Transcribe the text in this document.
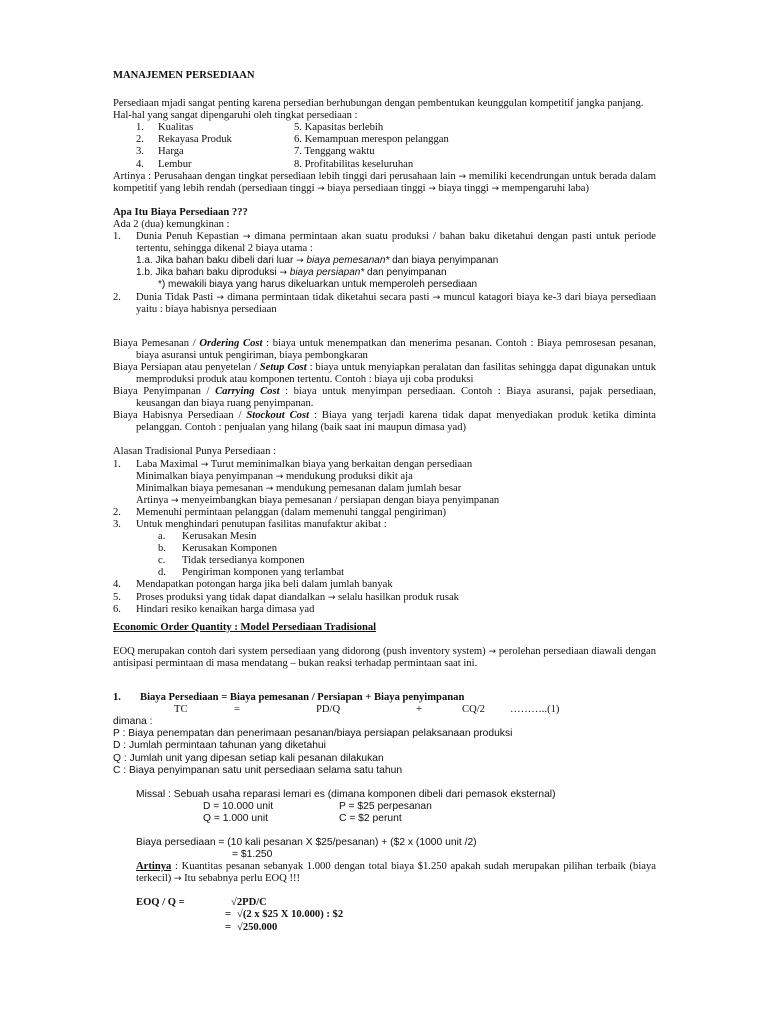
MANAJEMEN PERSEDIAAN

Persediaan mjadi sangat penting karena persedian berhubungan dengan pembentukan keunggulan kompetitif jangka panjang.

Hal-hal yang sangat dipengaruhi oleh tingkat persediaan :

1.	Kualitas	5. Kapasitas berlebih
2.	Rekayasa Produk	6. Kemampuan merespon pelanggan
3.	Harga	7. Tenggang waktu
4.	Lembur	8. Profitabilitas keseluruhan

Artinya : Perusahaan dengan tingkat persediaan lebih tinggi dari perusahaan lain → memiliki kecendrungan untuk berada dalam kompetitif yang lebih rendah (persediaan tinggi → biaya persediaan tinggi → biaya tinggi → mempengaruhi laba)

Apa Itu Biaya Persediaan ???

Ada 2 (dua) kemungkinan :

1.	Dunia Penuh Kepastian → dimana permintaan akan suatu produksi / bahan baku diketahui dengan pasti untuk periode tertentu, sehingga dikenal 2 biaya utama :

1.a. Jika bahan baku dibeli dari luar → biaya pemesanan* dan biaya penyimpanan

1.b. Jika bahan baku diproduksi → biaya persiapan* dan penyimpanan

*) mewakili biaya yang harus dikeluarkan untuk memperoleh persediaan

2.	Dunia Tidak Pasti → dimana permintaan tidak diketahui secara pasti → muncul katagori biaya ke-3 dari biaya persediaan yaitu : biaya habisnya persediaan

Biaya Pemesanan / Ordering Cost : biaya untuk menempatkan dan menerima pesanan. Contoh : Biaya pemrosesan pesanan, biaya asuransi untuk pengiriman, biaya pembongkaran

Biaya Persiapan atau penyetelan / Setup Cost : biaya untuk menyiapkan peralatan dan fasilitas sehingga dapat digunakan untuk memproduksi produk atau komponen tertentu. Contoh : biaya uji coba produksi

Biaya Penyimpanan / Carrying Cost : biaya untuk menyimpan persediaan. Contoh : Biaya asuransi, pajak persediaan, keusangan dan biaya ruang penyimpanan.

Biaya Habisnya Persediaan / Stockout Cost : Biaya yang terjadi karena tidak dapat menyediakan produk ketika diminta pelanggan. Contoh : penjualan yang hilang (baik saat ini maupun dimasa yad)

Alasan Tradisional Punya Persediaan :

1.	Laba Maximal → Turut meminimalkan biaya yang berkaitan dengan persediaan

Minimalkan biaya penyimpanan → mendukung produksi dikit aja

Minimalkan biaya pemesanan → mendukung pemesanan dalam jumlah besar

Artinya → menyeimbangkan biaya pemesanan / persiapan dengan biaya penyimpanan

2.	Memenuhi permintaan pelanggan (dalam memenuhi tanggal pengiriman)
3.	Untuk menghindari penutupan fasilitas manufaktur akibat :
a.	Kerusakan Mesin
b.	Kerusakan Komponen
c.	Tidak tersedianya komponen
d.	Pengiriman komponen yang terlambat
4.	Mendapatkan potongan harga jika beli dalam jumlah banyak
5.	Proses produksi yang tidak dapat diandalkan → selalu hasilkan produk rusak
6.	Hindari resiko kenaikan harga dimasa yad

Economic Order Quantity : Model Persediaan Tradisional

EOQ merupakan contoh dari system persediaan yang didorong (push inventory system) → perolehan persediaan diawali dengan antisipasi permintaan di masa mendatang – bukan reaksi terhadap permintaan saat ini.

1.	Biaya Persediaan = Biaya pemesanan / Persiapan + Biaya penyimpanan
TC	=	PD/Q	+	CQ/2	………..(1)

dimana :

P : Biaya penempatan dan penerimaan pesanan/biaya persiapan pelaksanaan produksi

D : Jumlah permintaan tahunan yang diketahui

Q : Jumlah unit yang dipesan setiap kali pesanan dilakukan

C : Biaya penyimpanan satu unit persediaan selama satu tahun

Missal : Sebuah usaha reparasi lemari es (dimana komponen dibeli dari pemasok eksternal)

D = 10.000 unit	P = $25 perpesanan
Q = 1.000 unit	C = $2 perunt

Biaya persediaan = (10 kali pesanan X $25/pesanan) + ($2 x (1000 unit /2)

= $1.250

Artinya : Kuantitas pesanan sebanyak 1.000 dengan total biaya $1.250 apakah sudah merupakan pilihan terbaik (biaya terkecil) → Itu sebabnya perlu EOQ !!!

EOQ / Q =	√2PD/C
= √(2 x $25 X 10.000) : $2
= √250.000
